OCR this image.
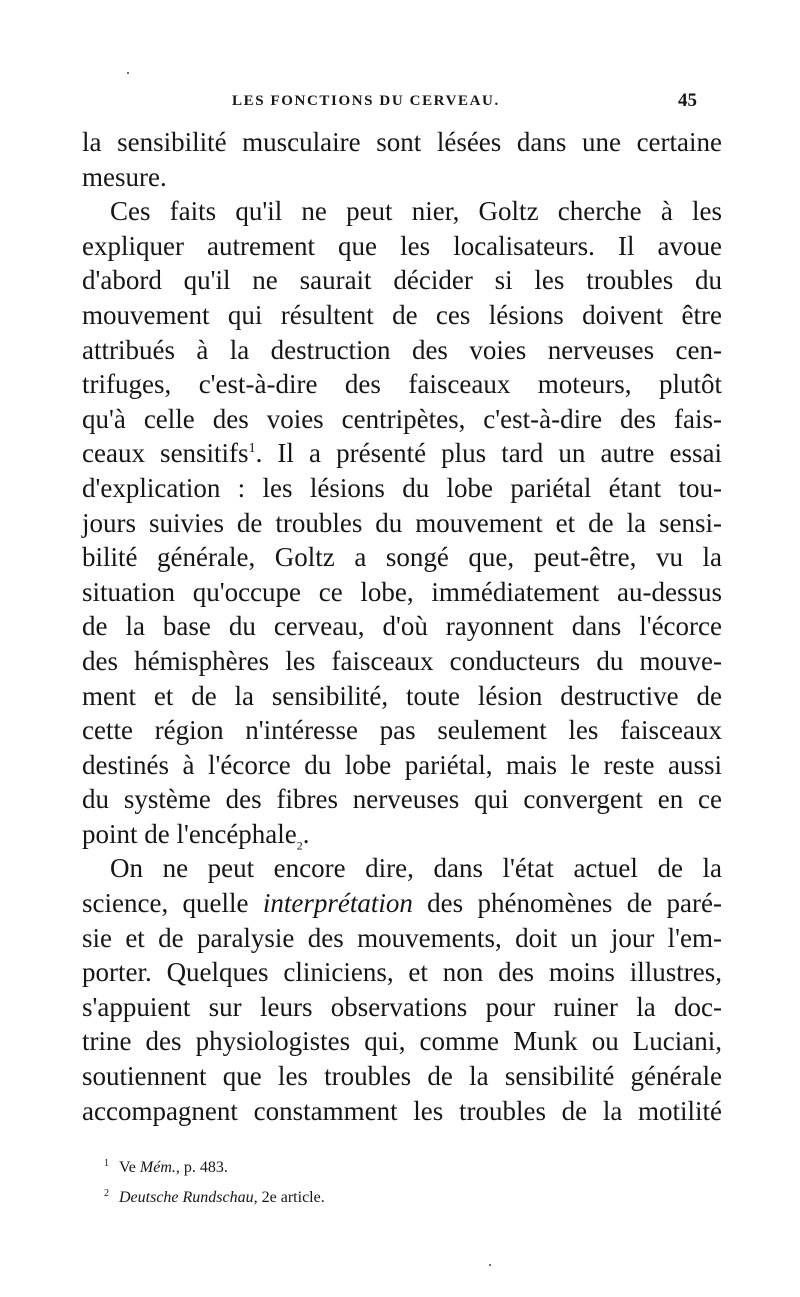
LES FONCTIONS DU CERVEAU.	45
la sensibilité musculaire sont lésées dans une certaine
mesure.
Ces faits qu'il ne peut nier, Goltz cherche à les
expliquer autrement que les localisateurs. Il avoue
d'abord qu'il ne saurait décider si les troubles du
mouvement qui résultent de ces lésions doivent être
attribués à la destruction des voies nerveuses cen-
trifuges, c'est-à-dire des faisceaux moteurs, plutôt
qu'à celle des voies centripètes, c'est-à-dire des fais-
ceaux sensitifs$^1$. Il a présenté plus tard un autre essai
d'explication : les lésions du lobe pariétal étant tou-
jours suivies de troubles du mouvement et de la sensi-
bilité générale, Goltz a songé que, peut-être, vu la
situation qu'occupe ce lobe, immédiatement au-dessus
de la base du cerveau, d'où rayonnent dans l'écorce
des hémisphères les faisceaux conducteurs du mouve-
ment et de la sensibilité, toute lésion destructive de
cette région n'intéresse pas seulement les faisceaux
destinés à l'écorce du lobe pariétal, mais le reste aussi
du système des fibres nerveuses qui convergent en ce
point de l'encéphale$_2$.
On ne peut encore dire, dans l'état actuel de la
science, quelle interprétation des phénomènes de paré-
sie et de paralysie des mouvements, doit un jour l'em-
porter. Quelques cliniciens, et non des moins illustres,
s'appuient sur leurs observations pour ruiner la doc-
trine des physiologistes qui, comme Munk ou Luciani,
soutiennent que les troubles de la sensibilité générale
accompagnent constamment les troubles de la motilité
$^1$ Ve Mém., p. 483.
$^2$ Deutsche Rundschau, 2e article.
